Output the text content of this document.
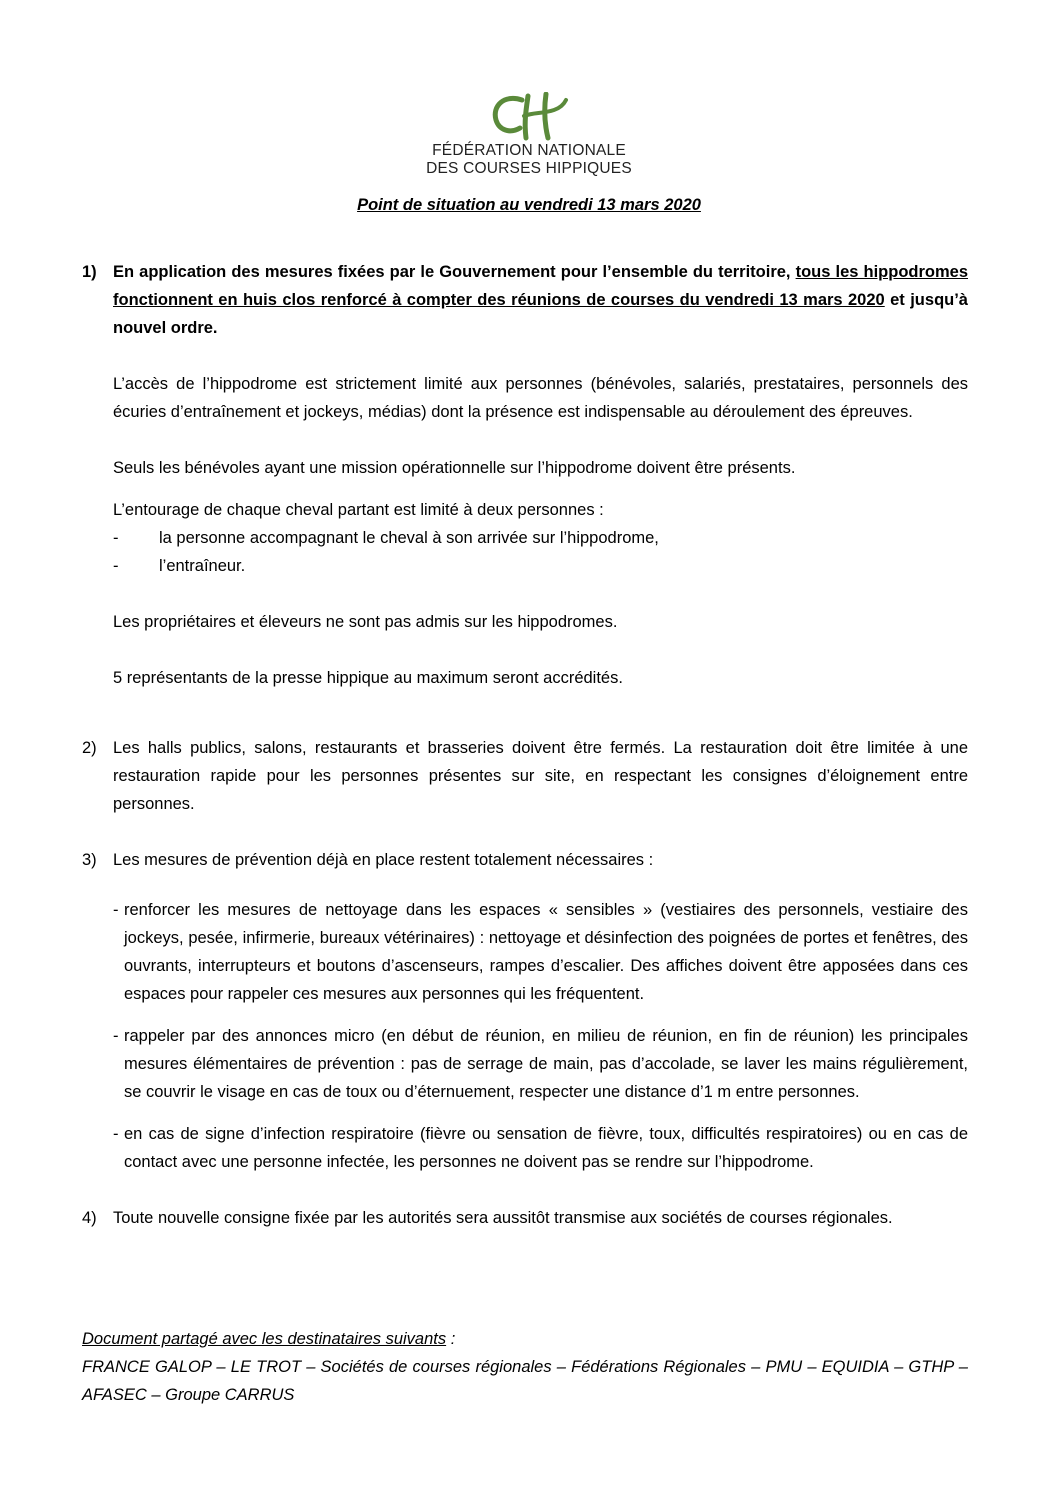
FÉDÉRATION NATIONALE
DES COURSES HIPPIQUES
Point de situation au vendredi 13 mars 2020
1) En application des mesures fixées par le Gouvernement pour l’ensemble du territoire, tous les hippodromes fonctionnent en huis clos renforcé à compter des réunions de courses du vendredi 13 mars 2020 et jusqu’à nouvel ordre.

L’accès de l’hippodrome est strictement limité aux personnes (bénévoles, salariés, prestataires, personnels des écuries d’entraînement et jockeys, médias) dont la présence est indispensable au déroulement des épreuves.

Seuls les bénévoles ayant une mission opérationnelle sur l’hippodrome doivent être présents.

L’entourage de chaque cheval partant est limité à deux personnes :

- la personne accompagnant le cheval à son arrivée sur l’hippodrome,
- l’entraîneur.

Les propriétaires et éleveurs ne sont pas admis sur les hippodromes.

5 représentants de la presse hippique au maximum seront accrédités.

2) Les halls publics, salons, restaurants et brasseries doivent être fermés. La restauration doit être limitée à une restauration rapide pour les personnes présentes sur site, en respectant les consignes d’éloignement entre personnes.

3) Les mesures de prévention déjà en place restent totalement nécessaires :

- renforcer les mesures de nettoyage dans les espaces « sensibles » (vestiaires des personnels, vestiaire des jockeys, pesée, infirmerie, bureaux vétérinaires) : nettoyage et désinfection des poignées de portes et fenêtres, des ouvrants, interrupteurs et boutons d’ascenseurs, rampes d’escalier. Des affiches doivent être apposées dans ces espaces pour rappeler ces mesures aux personnes qui les fréquentent.
- rappeler par des annonces micro (en début de réunion, en milieu de réunion, en fin de réunion) les principales mesures élémentaires de prévention : pas de serrage de main, pas d’accolade, se laver les mains régulièrement, se couvrir le visage en cas de toux ou d’éternuement, respecter une distance d’1 m entre personnes.
- en cas de signe d’infection respiratoire (fièvre ou sensation de fièvre, toux, difficultés respiratoires) ou en cas de contact avec une personne infectée, les personnes ne doivent pas se rendre sur l’hippodrome.
4) Toute nouvelle consigne fixée par les autorités sera aussitôt transmise aux sociétés de courses régionales.

Document partagé avec les destinataires suivants :
FRANCE GALOP – LE TROT – Sociétés de courses régionales – Fédérations Régionales – PMU – EQUIDIA – GTHP – AFASEC – Groupe CARRUS
